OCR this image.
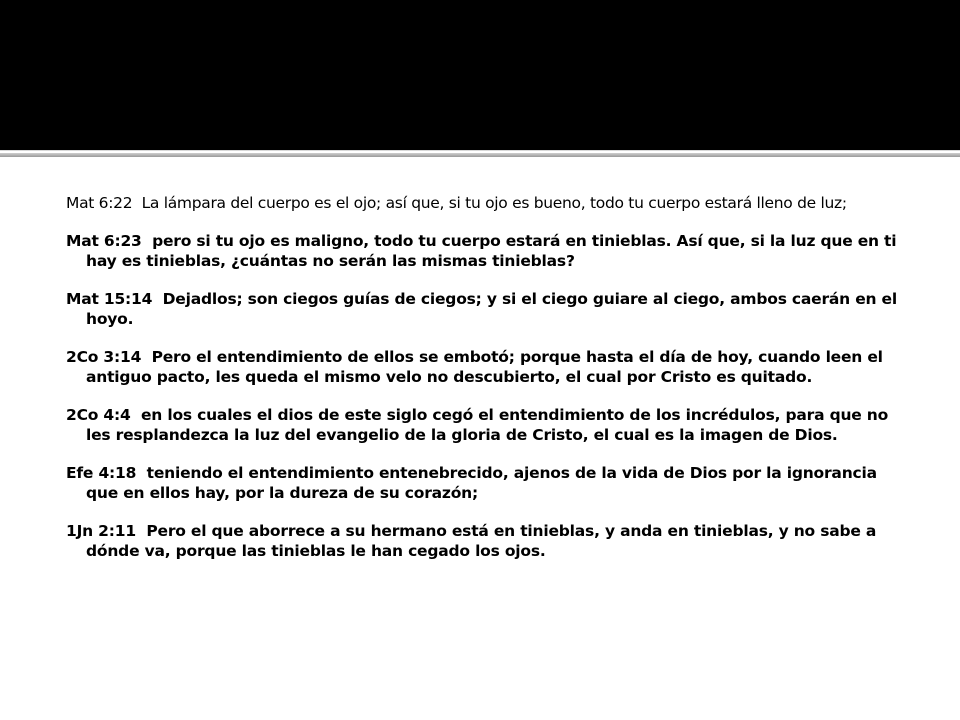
Mat 6:22 La lámpara del cuerpo es el ojo; así que, si tu ojo es bueno, todo tu cuerpo estará lleno de luz;

Mat 6:23 pero si tu ojo es maligno, todo tu cuerpo estará en tinieblas. Así que, si la luz que en ti hay es tinieblas, ¿cuántas no serán las mismas tinieblas?

Mat 15:14 Dejadlos; son ciegos guías de ciegos; y si el ciego guiare al ciego, ambos caerán en el hoyo.

2Co 3:14 Pero el entendimiento de ellos se embotó; porque hasta el día de hoy, cuando leen el antiguo pacto, les queda el mismo velo no descubierto, el cual por Cristo es quitado.

2Co 4:4 en los cuales el dios de este siglo cegó el entendimiento de los incrédulos, para que no les resplandezca la luz del evangelio de la gloria de Cristo, el cual es la imagen de Dios.

Efe 4:18 teniendo el entendimiento entenebrecido, ajenos de la vida de Dios por la ignorancia que en ellos hay, por la dureza de su corazón;

1Jn 2:11 Pero el que aborrece a su hermano está en tinieblas, y anda en tinieblas, y no sabe a dónde va, porque las tinieblas le han cegado los ojos.
